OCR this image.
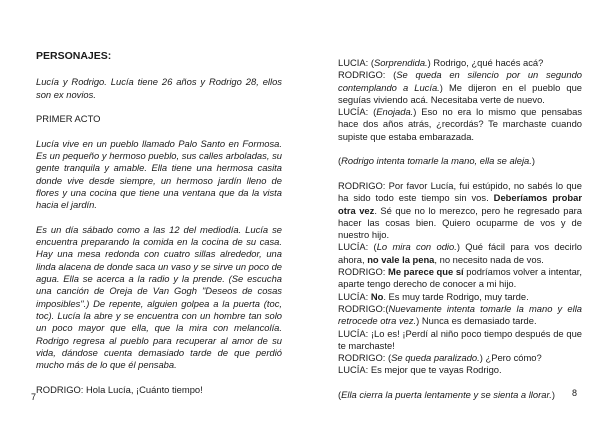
PERSONAJES:

Lucía y Rodrigo. Lucía tiene 26 años y Rodrigo 28, ellos son ex novios.

PRIMER ACTO

Lucía vive en un pueblo llamado Palo Santo en Formosa. Es un pequeño y hermoso pueblo, sus calles arboladas, su gente tranquila y amable. Ella tiene una hermosa casita donde vive desde siempre, un hermoso jardín lleno de flores y una cocina que tiene una ventana que da la vista hacia el jardín.

Es un día sábado como a las 12 del mediodía. Lucía se encuentra preparando la comida en la cocina de su casa. Hay una mesa redonda con cuatro sillas alrededor, una linda alacena de donde saca un vaso y se sirve un poco de agua. Ella se acerca a la radio y la prende. (Se escucha una canción de Oreja de Van Gogh "Deseos de cosas imposibles".) De repente, alguien golpea a la puerta (toc, toc). Lucía la abre y se encuentra con un hombre tan solo un poco mayor que ella, que la mira con melancolía. Rodrigo regresa al pueblo para recuperar al amor de su vida, dándose cuenta demasiado tarde de que perdió mucho más de lo que él pensaba.

RODRIGO: Hola Lucía, ¡Cuánto tiempo!

7

LUCIA: (Sorprendida.) Rodrigo, ¿qué hacés acá?

RODRIGO: (Se queda en silencio por un segundo contemplando a Lucía.) Me dijeron en el pueblo que seguías viviendo acá. Necesitaba verte de nuevo.

LUCÍA: (Enojada.) Eso no era lo mismo que pensabas hace dos años atrás, ¿recordás? Te marchaste cuando supiste que estaba embarazada.

(Rodrigo intenta tomarle la mano, ella se aleja.)

RODRIGO: Por favor Lucía, fui estúpido, no sabés lo que ha sido todo este tiempo sin vos. Deberíamos probar otra vez. Sé que no lo merezco, pero he regresado para hacer las cosas bien. Quiero ocuparme de vos y de nuestro hijo.

LUCÍA: (Lo mira con odio.) Qué fácil para vos decirlo ahora, no vale la pena, no necesito nada de vos.

RODRIGO: Me parece que sí podríamos volver a intentar, aparte tengo derecho de conocer a mi hijo.

LUCÍA: No. Es muy tarde Rodrigo, muy tarde.

RODRIGO:(Nuevamente intenta tomarle la mano y ella retrocede otra vez.) Nunca es demasiado tarde.

LUCÍA: ¡Lo es! ¡Perdí al niño poco tiempo después de que te marchaste!

RODRIGO: (Se queda paralizado.) ¿Pero cómo?

LUCÍA: Es mejor que te vayas Rodrigo.

(Ella cierra la puerta lentamente y se sienta a llorar.)	8
